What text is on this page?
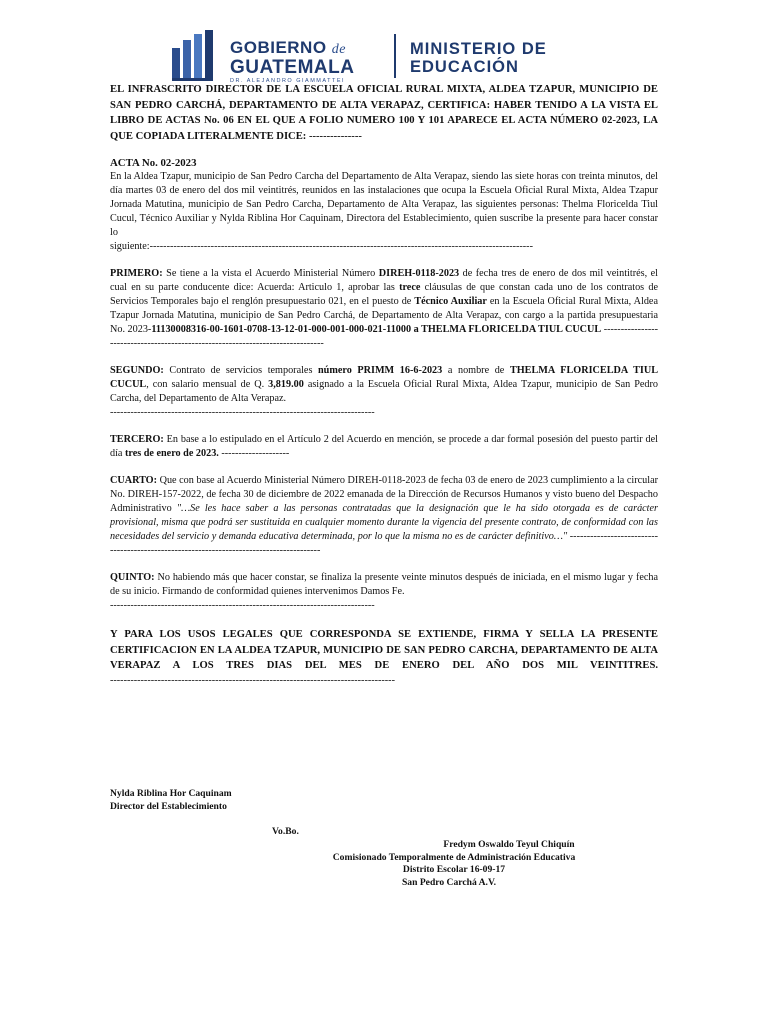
GOBIERNO de
GUATEMALA
DR. ALEJANDRO GIAMMATTEI
MINISTERIO DE
EDUCACIÓN

EL INFRASCRITO DIRECTOR DE LA ESCUELA OFICIAL RURAL MIXTA, ALDEA TZAPUR, MUNICIPIO DE SAN PEDRO CARCHÁ, DEPARTAMENTO DE ALTA VERAPAZ, CERTIFICA: HABER TENIDO A LA VISTA EL LIBRO DE ACTAS No. 06 EN EL QUE A FOLIO NUMERO 100 Y 101 APARECE EL ACTA NÚMERO 02-2023, LA QUE COPIADA LITERALMENTE DICE: ---------------

ACTA No. 02-2023

En la Aldea Tzapur, municipio de San Pedro Carcha del Departamento de Alta Verapaz, siendo las siete horas con treinta minutos, del día martes 03 de enero del dos mil veintitrés, reunidos en las instalaciones que ocupa la Escuela Oficial Rural Mixta, Aldea Tzapur Jornada Matutina, municipio de San Pedro Carcha, Departamento de Alta Verapaz, las siguientes personas: Thelma Floricelda Tiul Cucul, Técnico Auxiliar y Nylda Riblina Hor Caquinam, Directora del Establecimiento, quien suscribe la presente para hacer constar lo

siguiente:-----------------------------------------------------------------------------------------------------------------

PRIMERO: Se tiene a la vista el Acuerdo Ministerial Número DIREH-0118-2023 de fecha tres de enero de dos mil veintitrés, el cual en su parte conducente dice: Acuerda: Articulo 1, aprobar las trece cláusulas de que constan cada uno de los contratos de Servicios Temporales bajo el renglón presupuestario 021, en el puesto de Técnico Auxiliar en la Escuela Oficial Rural Mixta, Aldea Tzapur Jornada Matutina, municipio de San Pedro Carchá, de Departamento de Alta Verapaz, con cargo a la partida presupuestaria No. 2023-11130008316-00-1601-0708-13-12-01-000-001-000-021-11000 a THELMA FLORICELDA TIUL CUCUL -------------------------------------------------------------------------------

SEGUNDO: Contrato de servicios temporales número PRIMM 16-6-2023 a nombre de THELMA FLORICELDA TIUL CUCUL, con salario mensual de Q. 3,819.00 asignado a la Escuela Oficial Rural Mixta, Aldea Tzapur, municipio de San Pedro Carcha, del Departamento de Alta Verapaz.

------------------------------------------------------------------------------

TERCERO: En base a lo estipulado en el Artículo 2 del Acuerdo en mención, se procede a dar formal posesión del puesto partir del día tres de enero de 2023. --------------------

CUARTO: Que con base al Acuerdo Ministerial Número DIREH-0118-2023 de fecha 03 de enero de 2023 cumplimiento a la circular No. DIREH-157-2022, de fecha 30 de diciembre de 2022 emanada de la Dirección de Recursos Humanos y visto bueno del Despacho Administrativo "…Se les hace saber a las personas contratadas que la designación que le ha sido otorgada es de carácter provisional, misma que podrá ser sustituida en cualquier momento durante la vigencia del presente contrato, de conformidad con las necesidades del servicio y demanda educativa determinada, por lo que la misma no es de carácter definitivo…" ----------------------------------------------------------------------------------------

QUINTO: No habiendo más que hacer constar, se finaliza la presente veinte minutos después de iniciada, en el mismo lugar y fecha de su inicio. Firmando de conformidad quienes intervenimos Damos Fe.

------------------------------------------------------------------------------

Y PARA LOS USOS LEGALES QUE CORRESPONDA SE EXTIENDE, FIRMA Y SELLA LA PRESENTE CERTIFICACION EN LA ALDEA TZAPUR, MUNICIPIO DE SAN PEDRO CARCHA, DEPARTAMENTO DE ALTA VERAPAZ A LOS TRES DIAS DEL MES DE ENERO DEL AÑO DOS MIL VEINTITRES.

------------------------------------------------------------------------------------

Nylda Riblina Hor Caquinam
Director del Establecimiento
Vo.Bo.
Fredym Oswaldo Teyul Chiquín
Comisionado Temporalmente de Administración Educativa
Distrito Escolar 16-09-17
San Pedro Carchá A.V.
